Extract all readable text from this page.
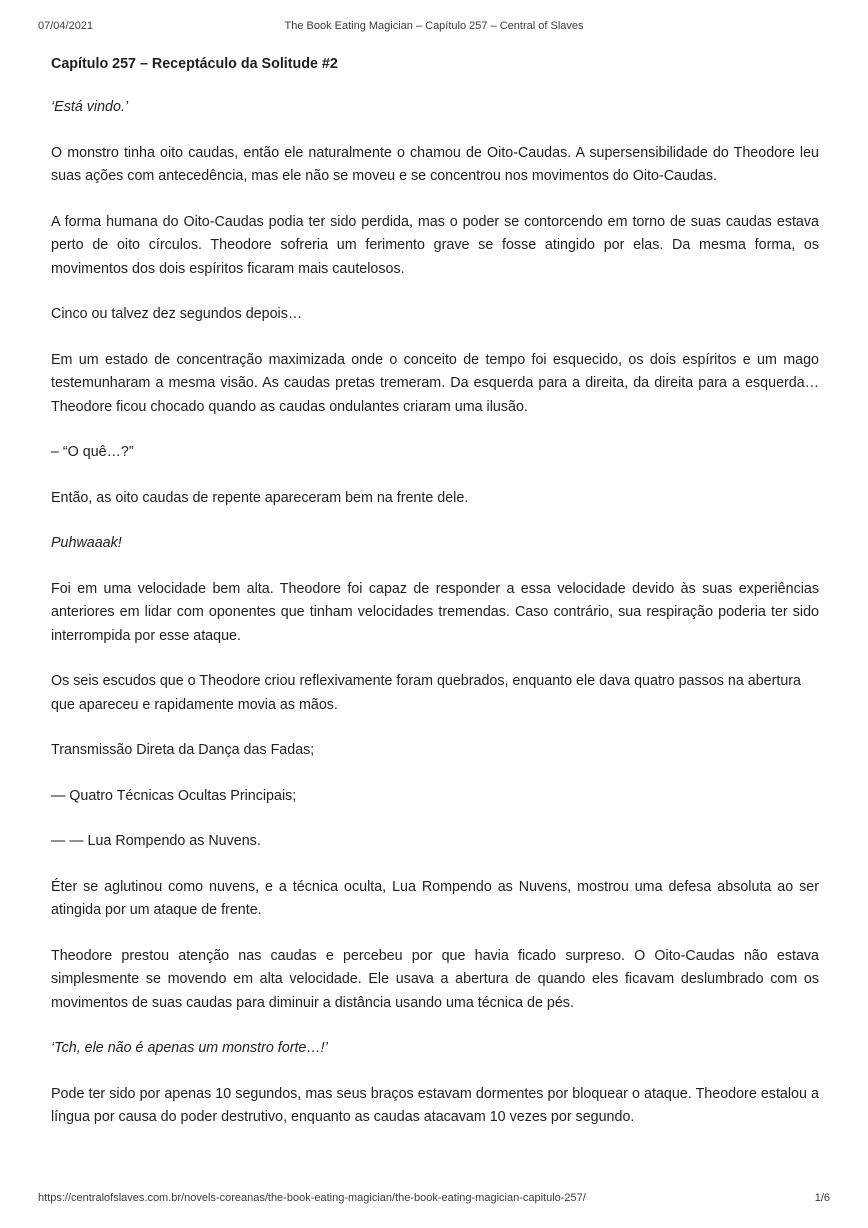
07/04/2021	The Book Eating Magician – Capítulo 257 – Central of Slaves
Capítulo 257 – Receptáculo da Solitude #2

‘Está vindo.’

O monstro tinha oito caudas, então ele naturalmente o chamou de Oito-Caudas. A supersensibilidade do Theodore leu suas ações com antecedência, mas ele não se moveu e se concentrou nos movimentos do Oito-Caudas.

A forma humana do Oito-Caudas podia ter sido perdida, mas o poder se contorcendo em torno de suas caudas estava perto de oito círculos. Theodore sofreria um ferimento grave se fosse atingido por elas. Da mesma forma, os movimentos dos dois espíritos ficaram mais cautelosos.

Cinco ou talvez dez segundos depois…

Em um estado de concentração maximizada onde o conceito de tempo foi esquecido, os dois espíritos e um mago testemunharam a mesma visão. As caudas pretas tremeram. Da esquerda para a direita, da direita para a esquerda… Theodore ficou chocado quando as caudas ondulantes criaram uma ilusão.

– “O quê…?”

Então, as oito caudas de repente apareceram bem na frente dele.

Puhwaaak!

Foi em uma velocidade bem alta. Theodore foi capaz de responder a essa velocidade devido às suas experiências anteriores em lidar com oponentes que tinham velocidades tremendas. Caso contrário, sua respiração poderia ter sido interrompida por esse ataque.

Os seis escudos que o Theodore criou reflexivamente foram quebrados, enquanto ele dava quatro passos na abertura que apareceu e rapidamente movia as mãos.

Transmissão Direta da Dança das Fadas;

— Quatro Técnicas Ocultas Principais;

— — Lua Rompendo as Nuvens.

Éter se aglutinou como nuvens, e a técnica oculta, Lua Rompendo as Nuvens, mostrou uma defesa absoluta ao ser atingida por um ataque de frente.

Theodore prestou atenção nas caudas e percebeu por que havia ficado surpreso. O Oito-Caudas não estava simplesmente se movendo em alta velocidade. Ele usava a abertura de quando eles ficavam deslumbrado com os movimentos de suas caudas para diminuir a distância usando uma técnica de pés.

‘Tch, ele não é apenas um monstro forte…!’

Pode ter sido por apenas 10 segundos, mas seus braços estavam dormentes por bloquear o ataque. Theodore estalou a língua por causa do poder destrutivo, enquanto as caudas atacavam 10 vezes por segundo.

https://centralofslaves.com.br/novels-coreanas/the-book-eating-magician/the-book-eating-magician-capitulo-257/	1/6
